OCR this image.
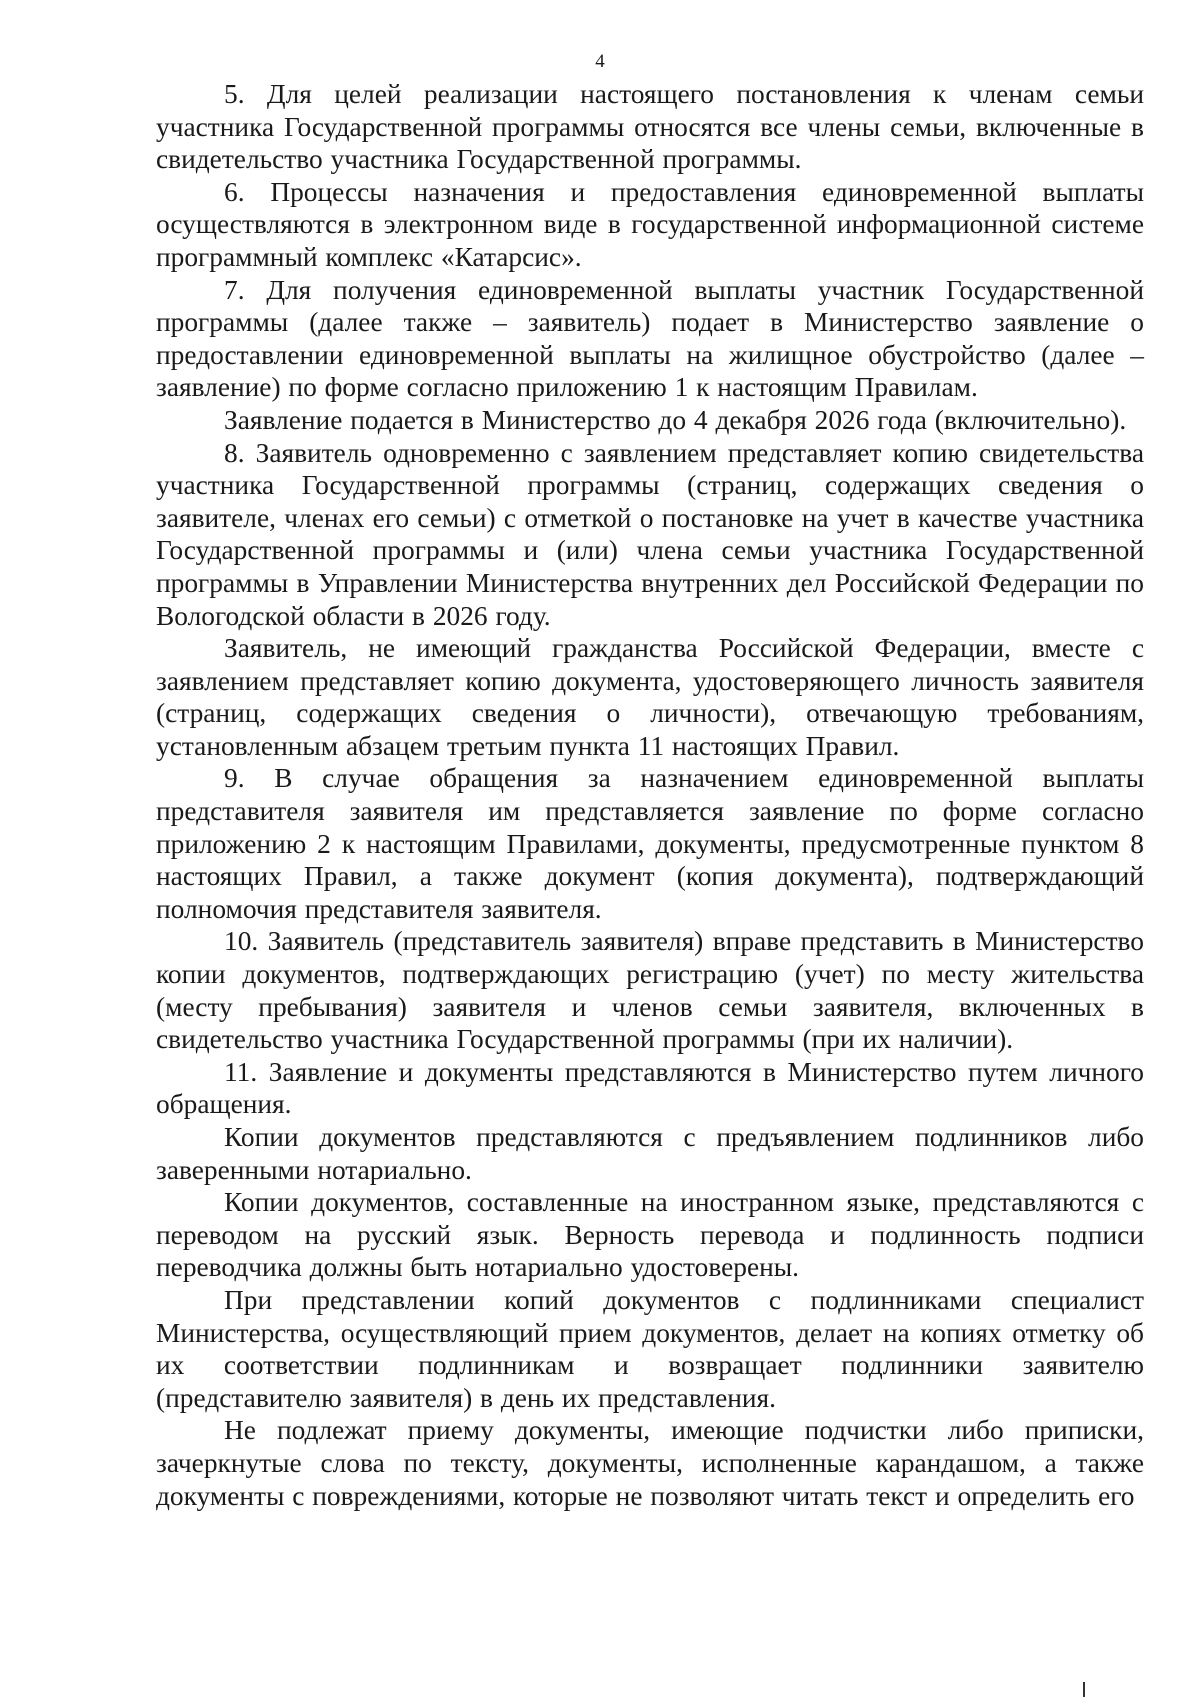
4

5. Для целей реализации настоящего постановления к членам семьи участника Государственной программы относятся все члены семьи, включенные в свидетельство участника Государственной программы.

6. Процессы назначения и предоставления единовременной выплаты осуществляются в электронном виде в государственной информационной системе программный комплекс «Катарсис».

7. Для получения единовременной выплаты участник Государственной программы (далее также – заявитель) подает в Министерство заявление о предоставлении единовременной выплаты на жилищное обустройство (далее – заявление) по форме согласно приложению 1 к настоящим Правилам.

Заявление подается в Министерство до 4 декабря 2026 года (включительно).

8. Заявитель одновременно с заявлением представляет копию свидетельства участника Государственной программы (страниц, содержащих сведения о заявителе, членах его семьи) с отметкой о постановке на учет в качестве участника Государственной программы и (или) члена семьи участника Государственной программы в Управлении Министерства внутренних дел Российской Федерации по Вологодской области в 2026 году.

Заявитель, не имеющий гражданства Российской Федерации, вместе с заявлением представляет копию документа, удостоверяющего личность заявителя (страниц, содержащих сведения о личности), отвечающую требованиям, установленным абзацем третьим пункта 11 настоящих Правил.

9. В случае обращения за назначением единовременной выплаты представителя заявителя им представляется заявление по форме согласно приложению 2 к настоящим Правилами, документы, предусмотренные пунктом 8 настоящих Правил, а также документ (копия документа), подтверждающий полномочия представителя заявителя.

10. Заявитель (представитель заявителя) вправе представить в Министерство копии документов, подтверждающих регистрацию (учет) по месту жительства (месту пребывания) заявителя и членов семьи заявителя, включенных в свидетельство участника Государственной программы (при их наличии).

11. Заявление и документы представляются в Министерство путем личного обращения.

Копии документов представляются с предъявлением подлинников либо заверенными нотариально.

Копии документов, составленные на иностранном языке, представляются с переводом на русский язык. Верность перевода и подлинность подписи переводчика должны быть нотариально удостоверены.

При представлении копий документов с подлинниками специалист Министерства, осуществляющий прием документов, делает на копиях отметку об их соответствии подлинникам и возвращает подлинники заявителю (представителю заявителя) в день их представления.

Не подлежат приему документы, имеющие подчистки либо приписки, зачеркнутые слова по тексту, документы, исполненные карандашом, а также документы с повреждениями, которые не позволяют читать текст и определить его
